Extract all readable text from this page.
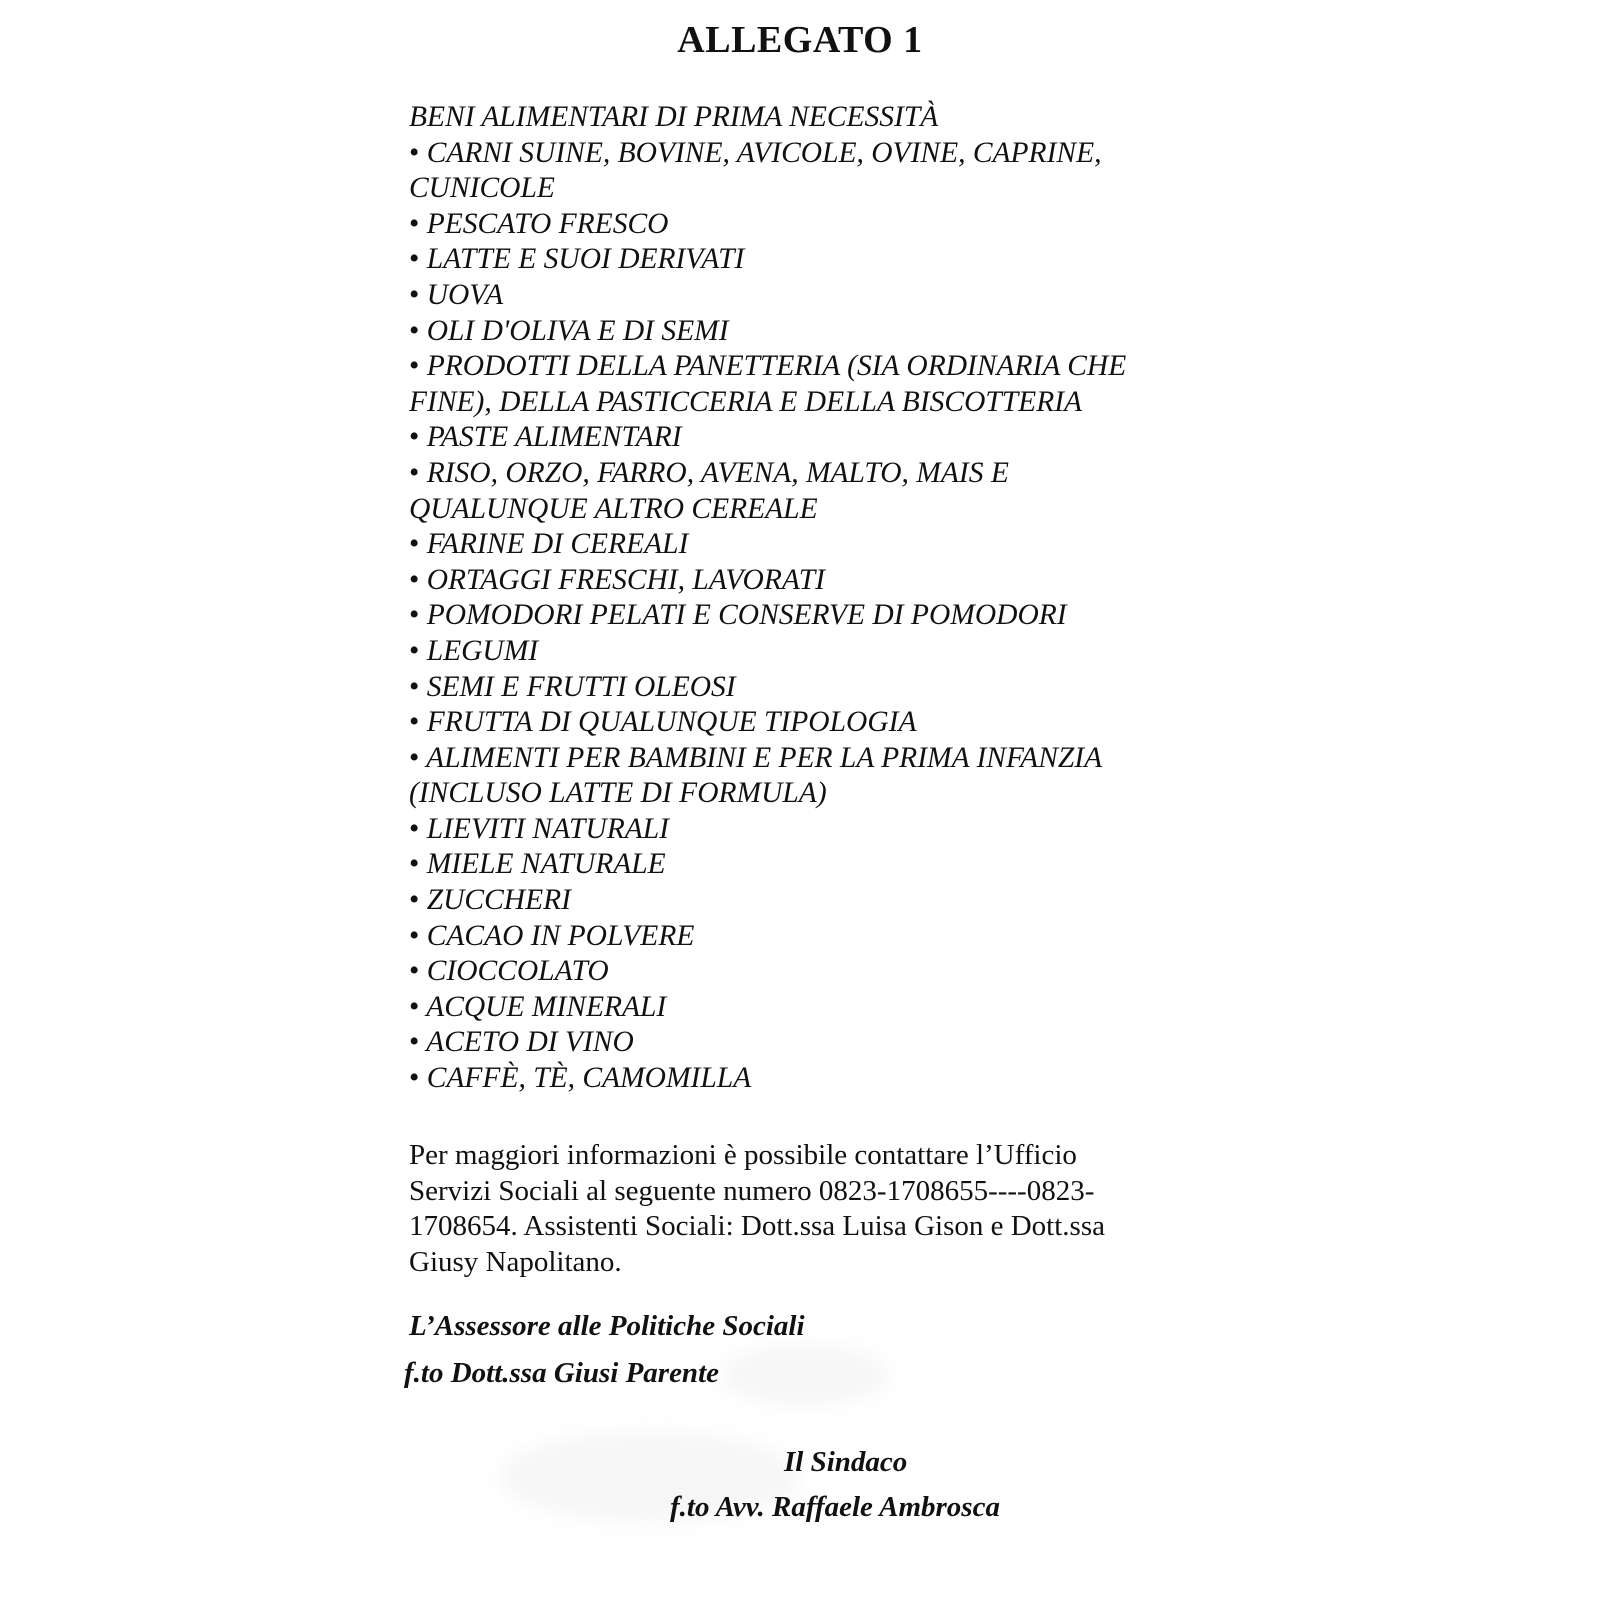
ALLEGATO 1
BENI ALIMENTARI DI PRIMA NECESSITÀ
• CARNI SUINE, BOVINE, AVICOLE, OVINE, CAPRINE,
CUNICOLE
• PESCATO FRESCO
• LATTE E SUOI DERIVATI
• UOVA
• OLI D'OLIVA E DI SEMI
• PRODOTTI DELLA PANETTERIA (SIA ORDINARIA CHE
FINE), DELLA PASTICCERIA E DELLA BISCOTTERIA
• PASTE ALIMENTARI
• RISO, ORZO, FARRO, AVENA, MALTO, MAIS E
QUALUNQUE ALTRO CEREALE
• FARINE DI CEREALI
• ORTAGGI FRESCHI, LAVORATI
• POMODORI PELATI E CONSERVE DI POMODORI
• LEGUMI
• SEMI E FRUTTI OLEOSI
• FRUTTA DI QUALUNQUE TIPOLOGIA
• ALIMENTI PER BAMBINI E PER LA PRIMA INFANZIA
(INCLUSO LATTE DI FORMULA)
• LIEVITI NATURALI
• MIELE NATURALE
• ZUCCHERI
• CACAO IN POLVERE
• CIOCCOLATO
• ACQUE MINERALI
• ACETO DI VINO
• CAFFÈ, TÈ, CAMOMILLA
Per maggiori informazioni è possibile contattare l’Ufficio
Servizi Sociali al seguente numero 0823-1708655----0823-
1708654. Assistenti Sociali: Dott.ssa Luisa Gison e Dott.ssa
Giusy Napolitano.
L’Assessore alle Politiche Sociali
f.to Dott.ssa Giusi Parente
Il Sindaco
f.to Avv. Raffaele Ambrosca
